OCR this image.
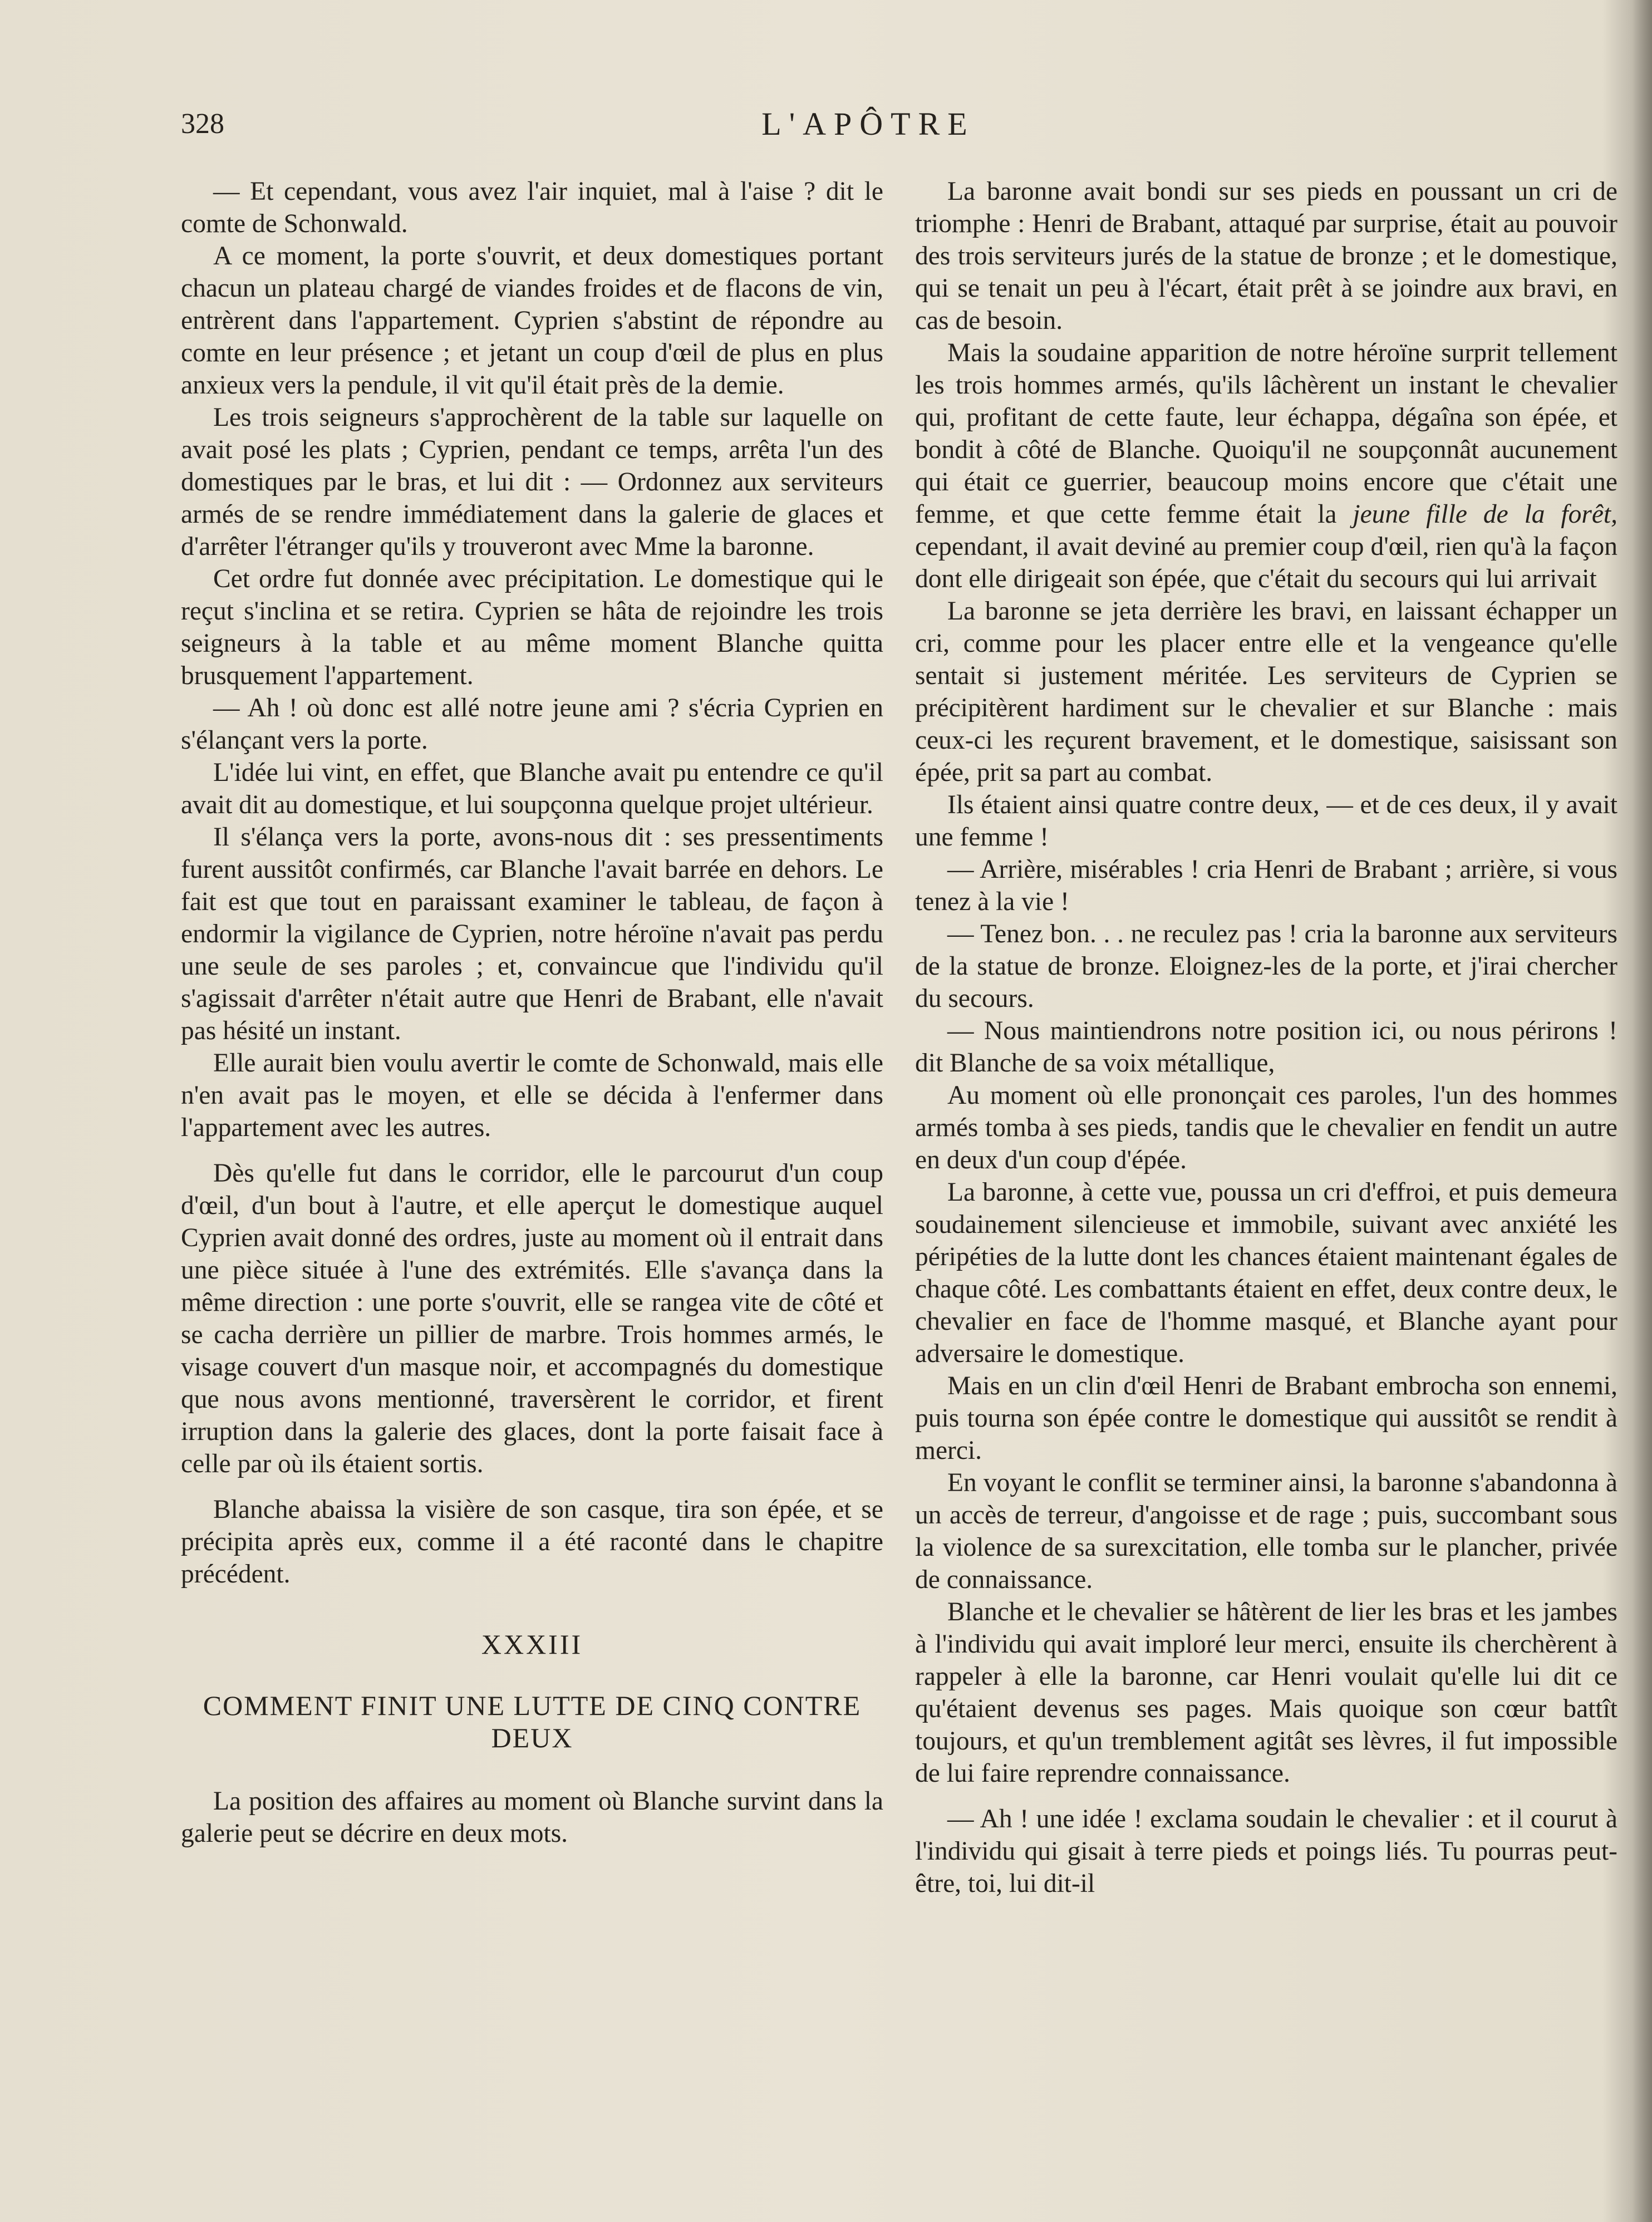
328	L'APÔTRE

— Et cependant, vous avez l'air inquiet, mal à l'aise ? dit le comte de Schonwald.

A ce moment, la porte s'ouvrit, et deux domestiques portant chacun un plateau chargé de viandes froides et de flacons de vin, entrèrent dans l'appartement. Cyprien s'abstint de répondre au comte en leur présence ; et jetant un coup d'œil de plus en plus anxieux vers la pendule, il vit qu'il était près de la demie.

Les trois seigneurs s'approchèrent de la table sur laquelle on avait posé les plats ; Cyprien, pendant ce temps, arrêta l'un des domestiques par le bras, et lui dit : — Ordonnez aux serviteurs armés de se rendre immédiatement dans la galerie de glaces et d'arrêter l'étranger qu'ils y trouveront avec Mme la baronne.

Cet ordre fut donnée avec précipitation. Le domestique qui le reçut s'inclina et se retira. Cyprien se hâta de rejoindre les trois seigneurs à la table et au même moment Blanche quitta brusquement l'appartement.

— Ah ! où donc est allé notre jeune ami ? s'écria Cyprien en s'élançant vers la porte.

L'idée lui vint, en effet, que Blanche avait pu entendre ce qu'il avait dit au domestique, et lui soupçonna quelque projet ultérieur.

Il s'élança vers la porte, avons-nous dit : ses pressentiments furent aussitôt confirmés, car Blanche l'avait barrée en dehors. Le fait est que tout en paraissant examiner le tableau, de façon à endormir la vigilance de Cyprien, notre héroïne n'avait pas perdu une seule de ses paroles ; et, convaincue que l'individu qu'il s'agissait d'arrêter n'était autre que Henri de Brabant, elle n'avait pas hésité un instant.

Elle aurait bien voulu avertir le comte de Schonwald, mais elle n'en avait pas le moyen, et elle se décida à l'enfermer dans l'appartement avec les autres.

Dès qu'elle fut dans le corridor, elle le parcourut d'un coup d'œil, d'un bout à l'autre, et elle aperçut le domestique auquel Cyprien avait donné des ordres, juste au moment où il entrait dans une pièce située à l'une des extrémités. Elle s'avança dans la même direction : une porte s'ouvrit, elle se rangea vite de côté et se cacha derrière un pillier de marbre. Trois hommes armés, le visage couvert d'un masque noir, et accompagnés du domestique que nous avons mentionné, traversèrent le corridor, et firent irruption dans la galerie des glaces, dont la porte faisait face à celle par où ils étaient sortis.

Blanche abaissa la visière de son casque, tira son épée, et se précipita après eux, comme il a été raconté dans le chapitre précédent.

XXXIII
COMMENT FINIT UNE LUTTE DE CINQ CONTRE DEUX

La position des affaires au moment où Blanche survint dans la galerie peut se décrire en deux mots.

La baronne avait bondi sur ses pieds en poussant un cri de triomphe : Henri de Brabant, attaqué par surprise, était au pouvoir des trois serviteurs jurés de la statue de bronze ; et le domestique, qui se tenait un peu à l'écart, était prêt à se joindre aux bravi, en cas de besoin.

Mais la soudaine apparition de notre héroïne surprit tellement les trois hommes armés, qu'ils lâchèrent un instant le chevalier qui, profitant de cette faute, leur échappa, dégaîna son épée, et bondit à côté de Blanche. Quoiqu'il ne soupçonnât aucunement qui était ce guerrier, beaucoup moins encore que c'était une femme, et que cette femme était la jeune fille de la forêt, cependant, il avait deviné au premier coup d'œil, rien qu'à la façon dont elle dirigeait son épée, que c'était du secours qui lui arrivait

La baronne se jeta derrière les bravi, en laissant échapper un cri, comme pour les placer entre elle et la vengeance qu'elle sentait si justement méritée. Les serviteurs de Cyprien se précipitèrent hardiment sur le chevalier et sur Blanche : mais ceux-ci les reçurent bravement, et le domestique, saisissant son épée, prit sa part au combat.

Ils étaient ainsi quatre contre deux, — et de ces deux, il y avait une femme !

— Arrière, misérables ! cria Henri de Brabant ; arrière, si vous tenez à la vie !

— Tenez bon. . . ne reculez pas ! cria la baronne aux serviteurs de la statue de bronze. Eloignez-les de la porte, et j'irai chercher du secours.

— Nous maintiendrons notre position ici, ou nous périrons ! dit Blanche de sa voix métallique,

Au moment où elle prononçait ces paroles, l'un des hommes armés tomba à ses pieds, tandis que le chevalier en fendit un autre en deux d'un coup d'épée.

La baronne, à cette vue, poussa un cri d'effroi, et puis demeura soudainement silencieuse et immobile, suivant avec anxiété les péripéties de la lutte dont les chances étaient maintenant égales de chaque côté. Les combattants étaient en effet, deux contre deux, le chevalier en face de l'homme masqué, et Blanche ayant pour adversaire le domestique.

Mais en un clin d'œil Henri de Brabant embrocha son ennemi, puis tourna son épée contre le domestique qui aussitôt se rendit à merci.

En voyant le conflit se terminer ainsi, la baronne s'abandonna à un accès de terreur, d'angoisse et de rage ; puis, succombant sous la violence de sa surexcitation, elle tomba sur le plancher, privée de connaissance.

Blanche et le chevalier se hâtèrent de lier les bras et les jambes à l'individu qui avait imploré leur merci, ensuite ils cherchèrent à rappeler à elle la baronne, car Henri voulait qu'elle lui dit ce qu'étaient devenus ses pages. Mais quoique son cœur battît toujours, et qu'un tremblement agitât ses lèvres, il fut impossible de lui faire reprendre connaissance.

— Ah ! une idée ! exclama soudain le chevalier : et il courut à l'individu qui gisait à terre pieds et poings liés. Tu pourras peut-être, toi, lui dit-il
